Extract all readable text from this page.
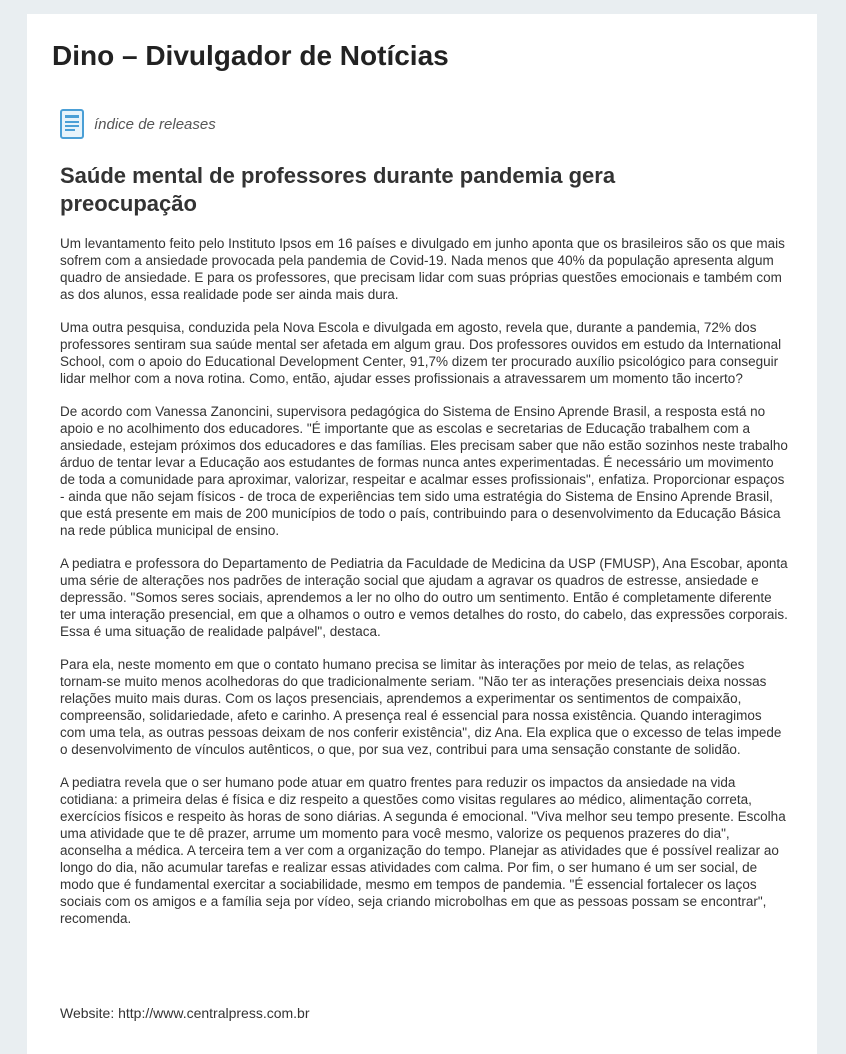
Dino – Divulgador de Notícias
índice de releases
Saúde mental de professores durante pandemia gera preocupação

Um levantamento feito pelo Instituto Ipsos em 16 países e divulgado em junho aponta que os brasileiros são os que mais sofrem com a ansiedade provocada pela pandemia de Covid-19. Nada menos que 40% da população apresenta algum quadro de ansiedade. E para os professores, que precisam lidar com suas próprias questões emocionais e também com as dos alunos, essa realidade pode ser ainda mais dura.

Uma outra pesquisa, conduzida pela Nova Escola e divulgada em agosto, revela que, durante a pandemia, 72% dos professores sentiram sua saúde mental ser afetada em algum grau. Dos professores ouvidos em estudo da International School, com o apoio do Educational Development Center, 91,7% dizem ter procurado auxílio psicológico para conseguir lidar melhor com a nova rotina. Como, então, ajudar esses profissionais a atravessarem um momento tão incerto?

De acordo com Vanessa Zanoncini, supervisora pedagógica do Sistema de Ensino Aprende Brasil, a resposta está no apoio e no acolhimento dos educadores. "É importante que as escolas e secretarias de Educação trabalhem com a ansiedade, estejam próximos dos educadores e das famílias. Eles precisam saber que não estão sozinhos neste trabalho árduo de tentar levar a Educação aos estudantes de formas nunca antes experimentadas. É necessário um movimento de toda a comunidade para aproximar, valorizar, respeitar e acalmar esses profissionais", enfatiza. Proporcionar espaços - ainda que não sejam físicos - de troca de experiências tem sido uma estratégia do Sistema de Ensino Aprende Brasil, que está presente em mais de 200 municípios de todo o país, contribuindo para o desenvolvimento da Educação Básica na rede pública municipal de ensino.

A pediatra e professora do Departamento de Pediatria da Faculdade de Medicina da USP (FMUSP), Ana Escobar, aponta uma série de alterações nos padrões de interação social que ajudam a agravar os quadros de estresse, ansiedade e depressão. "Somos seres sociais, aprendemos a ler no olho do outro um sentimento. Então é completamente diferente ter uma interação presencial, em que a olhamos o outro e vemos detalhes do rosto, do cabelo, das expressões corporais. Essa é uma situação de realidade palpável", destaca.

Para ela, neste momento em que o contato humano precisa se limitar às interações por meio de telas, as relações tornam-se muito menos acolhedoras do que tradicionalmente seriam. "Não ter as interações presenciais deixa nossas relações muito mais duras. Com os laços presenciais, aprendemos a experimentar os sentimentos de compaixão, compreensão, solidariedade, afeto e carinho. A presença real é essencial para nossa existência. Quando interagimos com uma tela, as outras pessoas deixam de nos conferir existência", diz Ana. Ela explica que o excesso de telas impede o desenvolvimento de vínculos autênticos, o que, por sua vez, contribui para uma sensação constante de solidão.

A pediatra revela que o ser humano pode atuar em quatro frentes para reduzir os impactos da ansiedade na vida cotidiana: a primeira delas é física e diz respeito a questões como visitas regulares ao médico, alimentação correta, exercícios físicos e respeito às horas de sono diárias. A segunda é emocional. "Viva melhor seu tempo presente. Escolha uma atividade que te dê prazer, arrume um momento para você mesmo, valorize os pequenos prazeres do dia", aconselha a médica. A terceira tem a ver com a organização do tempo. Planejar as atividades que é possível realizar ao longo do dia, não acumular tarefas e realizar essas atividades com calma. Por fim, o ser humano é um ser social, de modo que é fundamental exercitar a sociabilidade, mesmo em tempos de pandemia. "É essencial fortalecer os laços sociais com os amigos e a família seja por vídeo, seja criando microbolhas em que as pessoas possam se encontrar", recomenda.

Website: http://www.centralpress.com.br
